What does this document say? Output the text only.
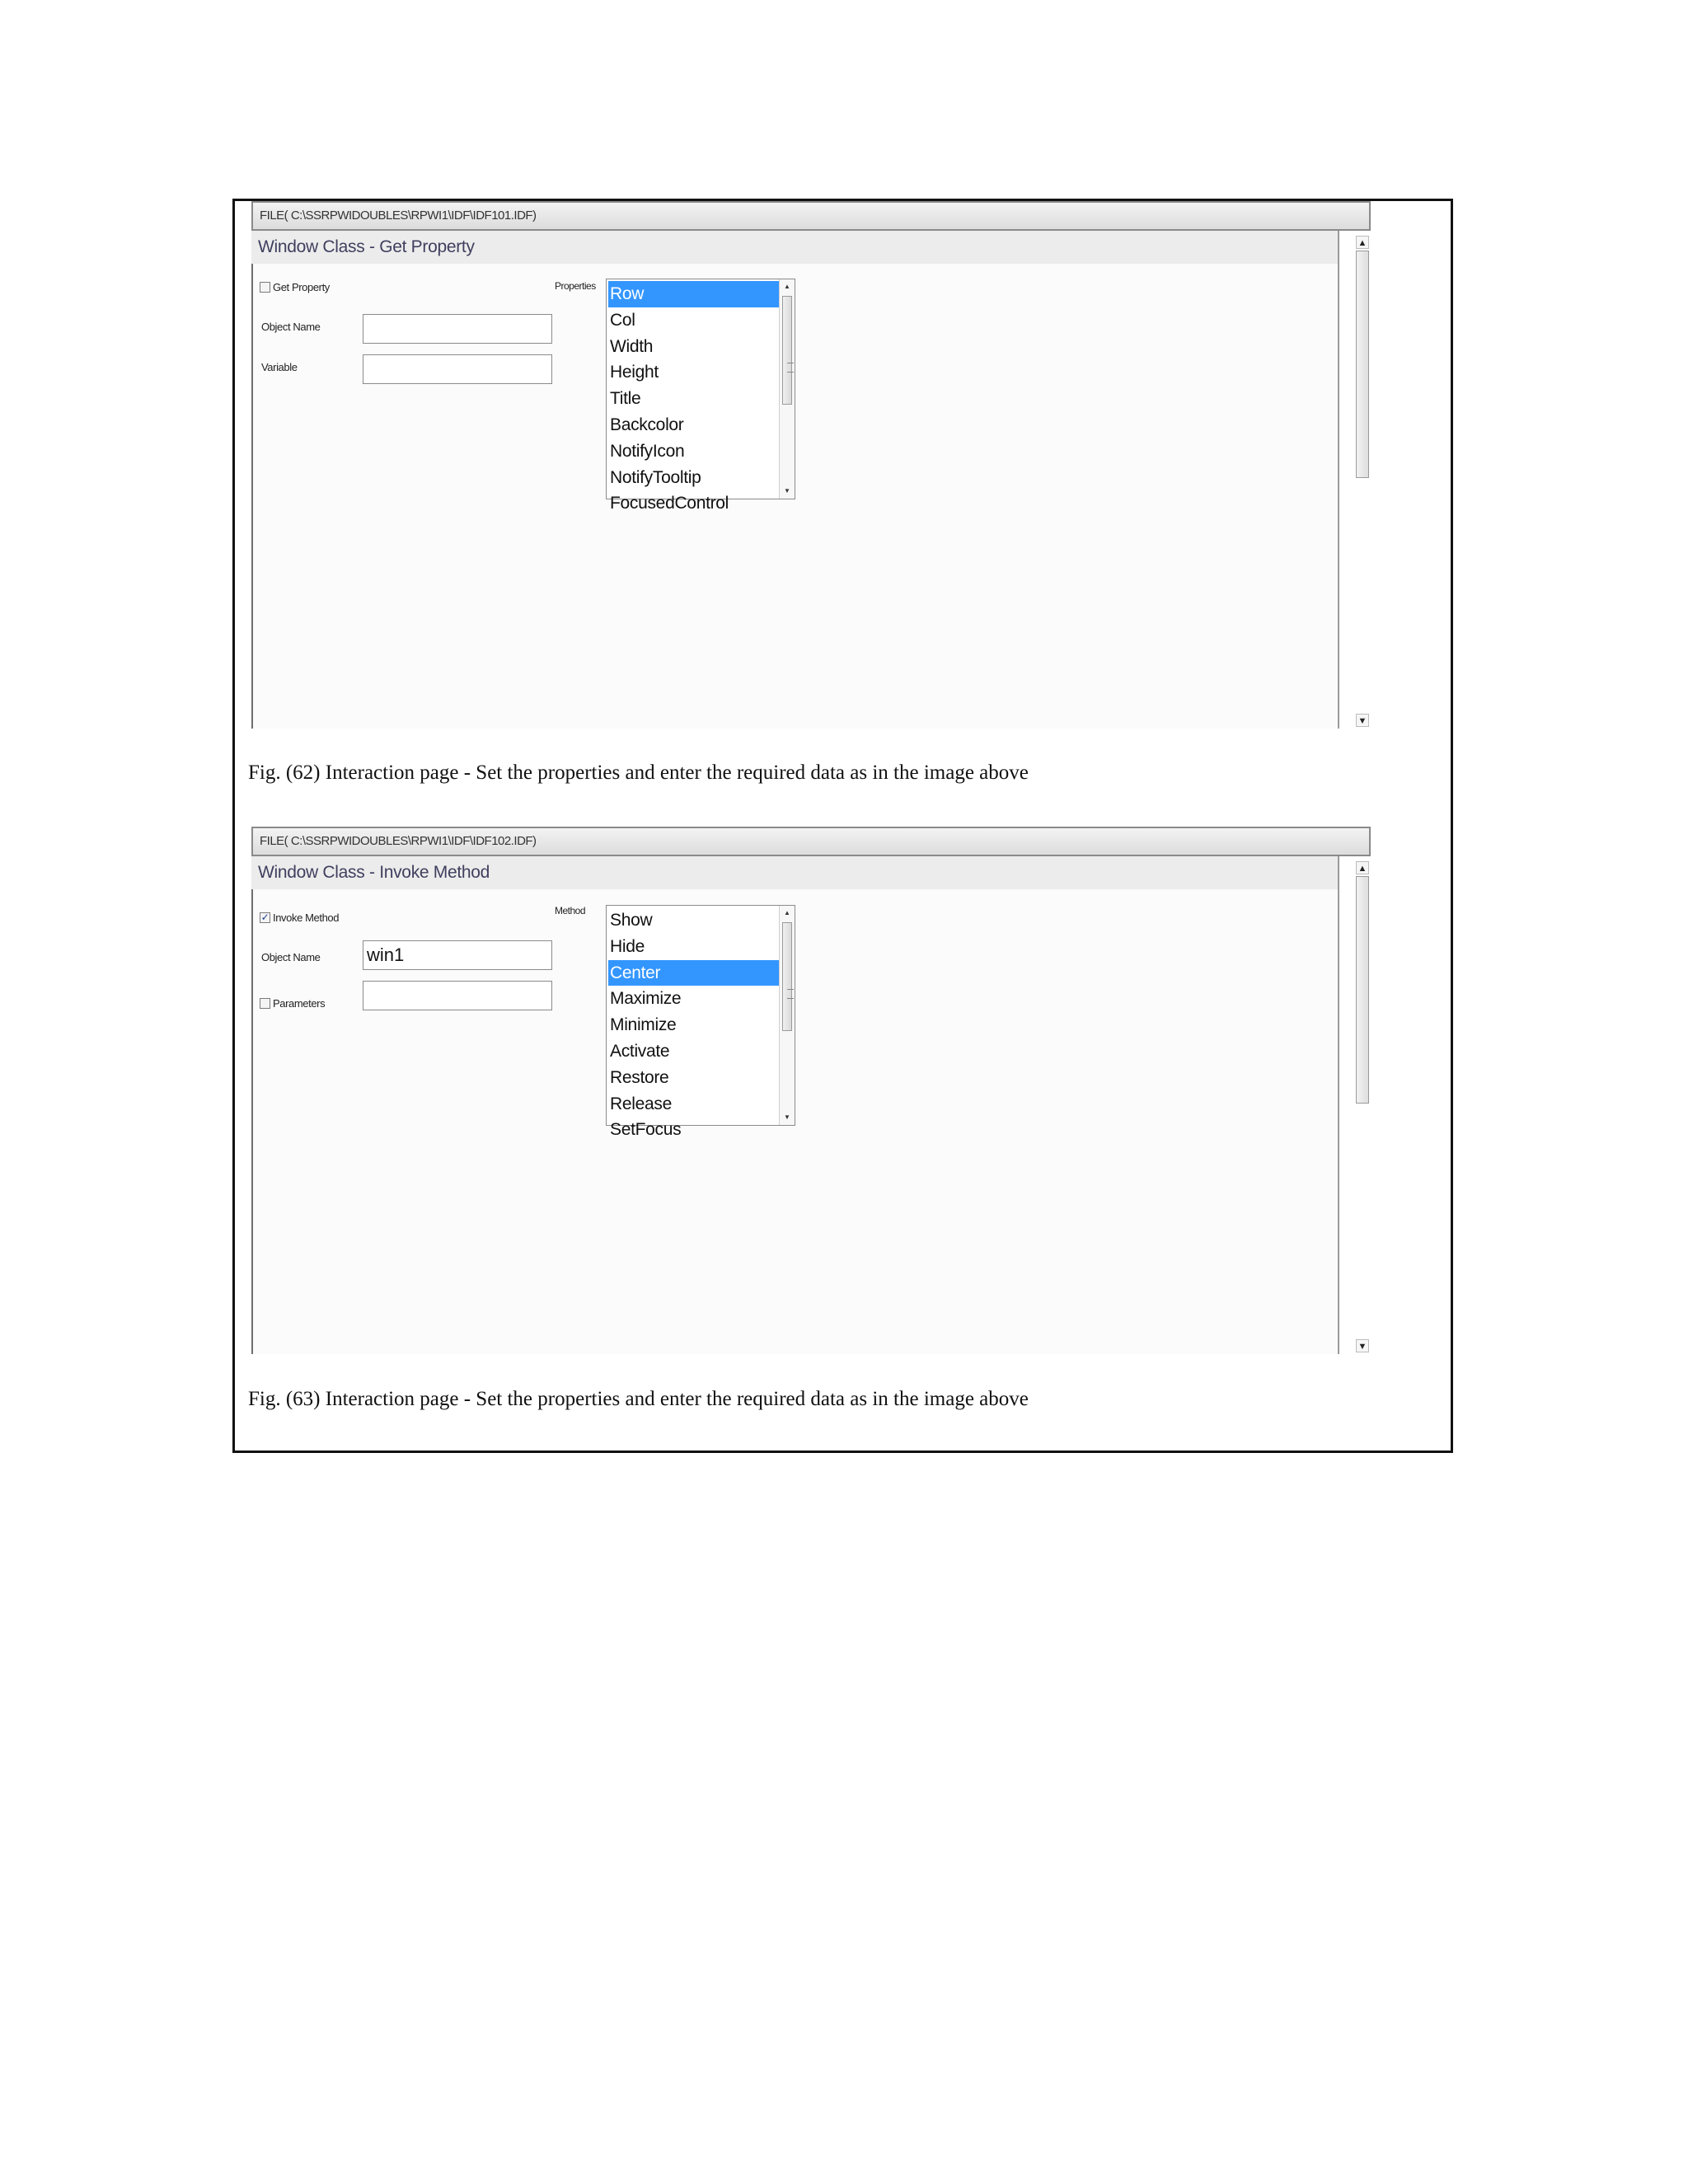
FILE( C:\SSRPWIDOUBLES\RPWI1\IDF\IDF101.IDF)
Window Class - Get Property	▲
▼
Get Property
Object Name
Variable
Properties Row
Col
Width
Height
Title
Backcolor
NotifyIcon
NotifyTooltip
FocusedControl
▲
▼
Fig. (62) Interaction page - Set the properties and enter the required data as in the image above
FILE( C:\SSRPWIDOUBLES\RPWI1\IDF\IDF102.IDF)
Window Class - Invoke Method	▲
▼
✓ Invoke Method
Object Name	win1
Parameters
Method Show
Hide
Center
Maximize
Minimize
Activate
Restore
Release
SetFocus
▲
▼
Fig. (63) Interaction page - Set the properties and enter the required data as in the image above
